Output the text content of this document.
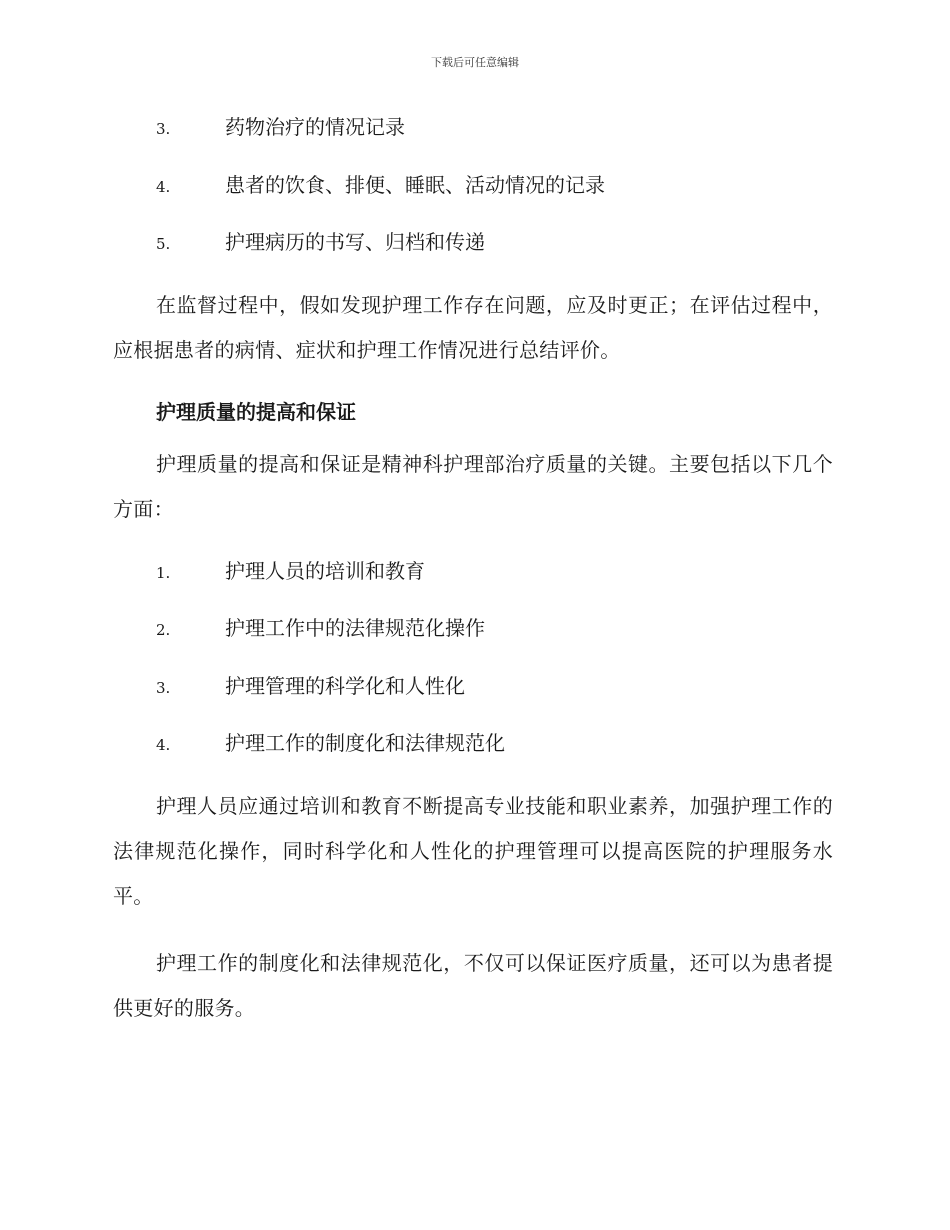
下载后可任意编辑
3.	药物治疗的情况记录
4.	患者的饮食、排便、睡眠、活动情况的记录
5.	护理病历的书写、归档和传递

在监督过程中，假如发现护理工作存在问题，应及时更正；在评估过程中，应根据患者的病情、症状和护理工作情况进行总结评价。

护理质量的提高和保证

护理质量的提高和保证是精神科护理部治疗质量的关键。主要包括以下几个方面：

1.	护理人员的培训和教育
2.	护理工作中的法律规范化操作
3.	护理管理的科学化和人性化
4.	护理工作的制度化和法律规范化

护理人员应通过培训和教育不断提高专业技能和职业素养，加强护理工作的法律规范化操作，同时科学化和人性化的护理管理可以提高医院的护理服务水平。

护理工作的制度化和法律规范化，不仅可以保证医疗质量，还可以为患者提供更好的服务。
